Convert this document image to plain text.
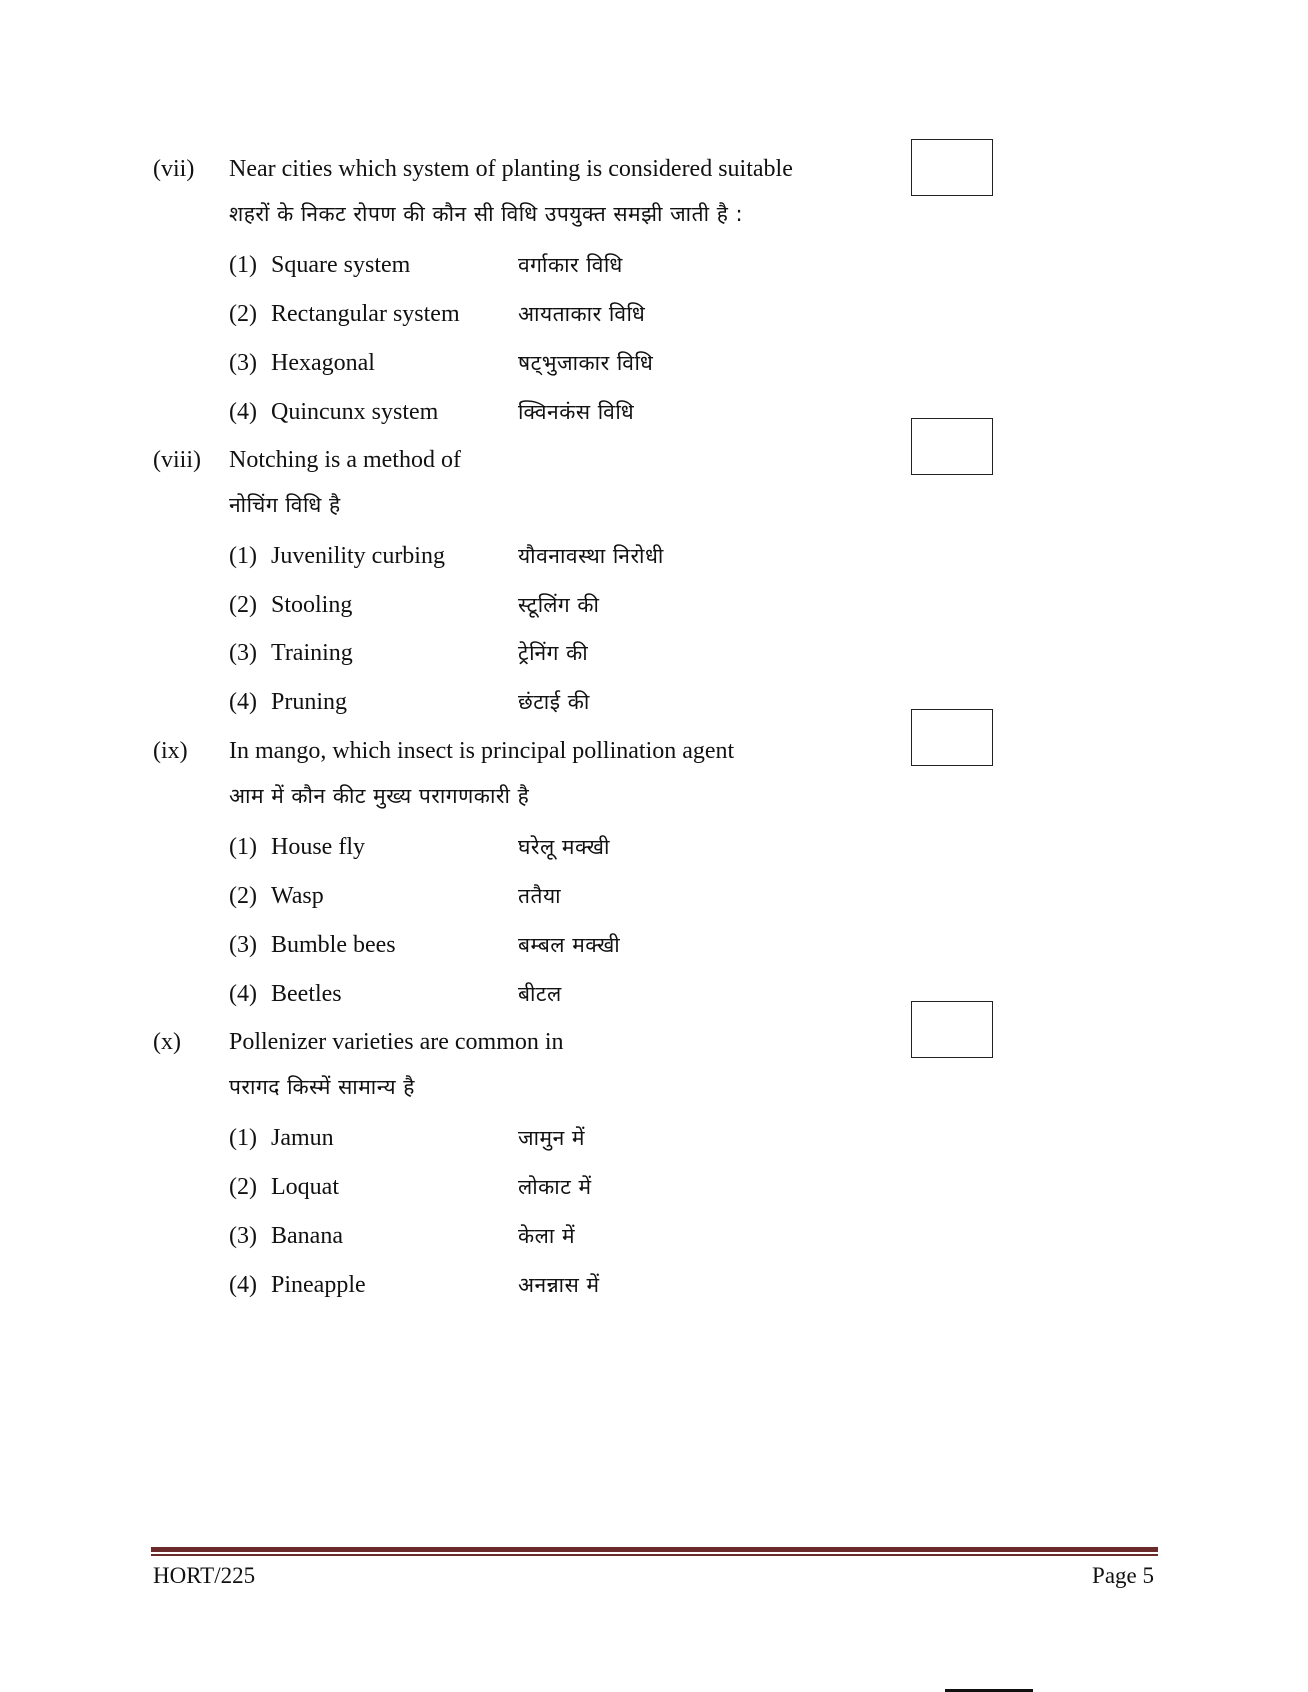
(vii) Near cities which system of planting is considered suitable
शहरों के निकट रोपण की कौन सी विधि उपयुक्त समझी जाती है :
(1) Square system	वर्गाकार विधि
(2) Rectangular system	आयताकार विधि
(3) Hexagonal	षट्भुजाकार विधि
(4) Quincunx system	क्विनकंस विधि
(viii) Notching is a method of
नोचिंग विधि है
(1) Juvenility curbing	यौवनावस्था निरोधी
(2) Stooling	स्टूलिंग की
(3) Training	ट्रेनिंग की
(4) Pruning	छंटाई की
(ix) In mango, which insect is principal pollination agent
आम में कौन कीट मुख्य परागणकारी है
(1) House fly	घरेलू मक्खी
(2) Wasp	ततैया
(3) Bumble bees	बम्बल मक्खी
(4) Beetles	बीटल
(x) Pollenizer varieties are common in
परागद किस्में सामान्य है
(1) Jamun	जामुन में
(2) Loquat	लोकाट में
(3) Banana	केला में
(4) Pineapple	अनन्नास में
HORT/225	Page 5
